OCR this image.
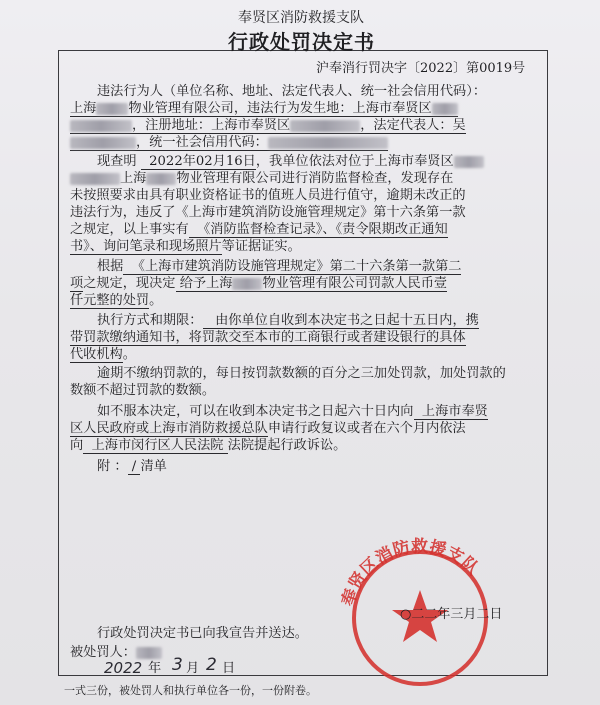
奉贤区消防救援支队
行政处罚决定书
沪奉消行罚决字〔2022〕第0019号
违法行为人（单位名称、地址、法定代表人、统一社会信用代码）：
上海 物业管理有限公司，违法行为发生地：上海市奉贤区
，注册地址：上海市奉贤区	，法定代表人：吴
，统一社会信用代码：
现查明 2022年02月16日，我单位依法对位于上海市奉贤区
上海 物业管理有限公司进行消防监督检查，发现存在
未按照要求由具有职业资格证书的值班人员进行值守，逾期未改正的
违法行为，违反了《上海市建筑消防设施管理规定》第十六条第一款
之规定，以上事实有 《消防监督检查记录》、《责令限期改正通知
书》、询问笔录和现场照片等证据证实。
根据 《上海市建筑消防设施管理规定》第二十六条第一款第二
项之规定，现决定 给予上海 物业管理有限公司罚款人民币壹
仟元整的处罚。
执行方式和期限： 由你单位自收到本决定书之日起十五日内，携
带罚款缴纳通知书，将罚款交至本市的工商银行或者建设银行的具体
代收机构。
逾期不缴纳罚款的，每日按罚款数额的百分之三加处罚款，加处罚款的
数额不超过罚款的数额。
如不服本决定，可以在收到本决定书之日起六十日内向 上海市奉贤
区人民政府或上海市消防救援总队申请行政复议或者在六个月内依法
向 上海市闵行区人民法院 法院提起行政诉讼。
附 ： / 清单
奉贤区消防救援支队
○二二年三月二日
行政处罚决定书已向我宣告并送达。
被处罚人：
2022 年 3 月 2 日
一式三份，被处罚人和执行单位各一份，一份附卷。
